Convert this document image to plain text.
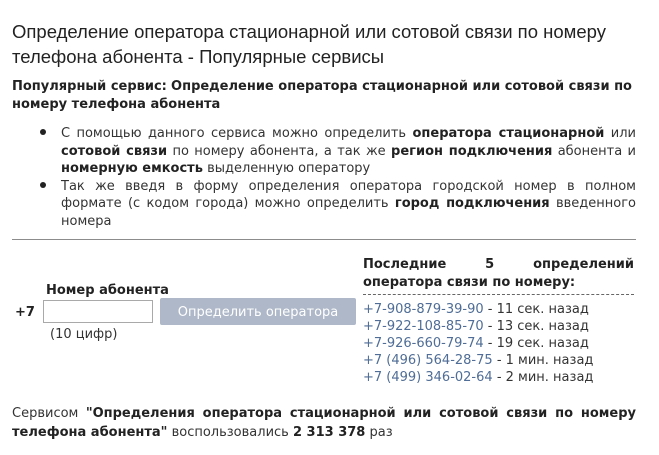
Определение оператора стационарной или сотовой связи по номеру телефона абонента - Популярные сервисы
Популярный сервис: Определение оператора стационарной или сотовой связи по номеру телефона абонента
С помощью данного сервиса можно определить оператора стационарной или сотовой связи по номеру абонента, а так же регион подключения абонента и номерную емкость выделенную оператору
Так же введя в форму определения оператора городской номер в полном формате (с кодом города) можно определить город подключения введенного номера
Номер абонента
+7	Определить оператора
(10 цифр)
Последние	5	определений
оператора связи по номеру:
+7-908-879-39-90 - 11 сек. назад
+7-922-108-85-70 - 13 сек. назад
+7-926-660-79-74 - 19 сек. назад
+7 (496) 564-28-75 - 1 мин. назад
+7 (499) 346-02-64 - 2 мин. назад
Сервисом "Определения оператора стационарной или сотовой связи по номеру телефона абонента" воспользовались 2 313 378 раз
